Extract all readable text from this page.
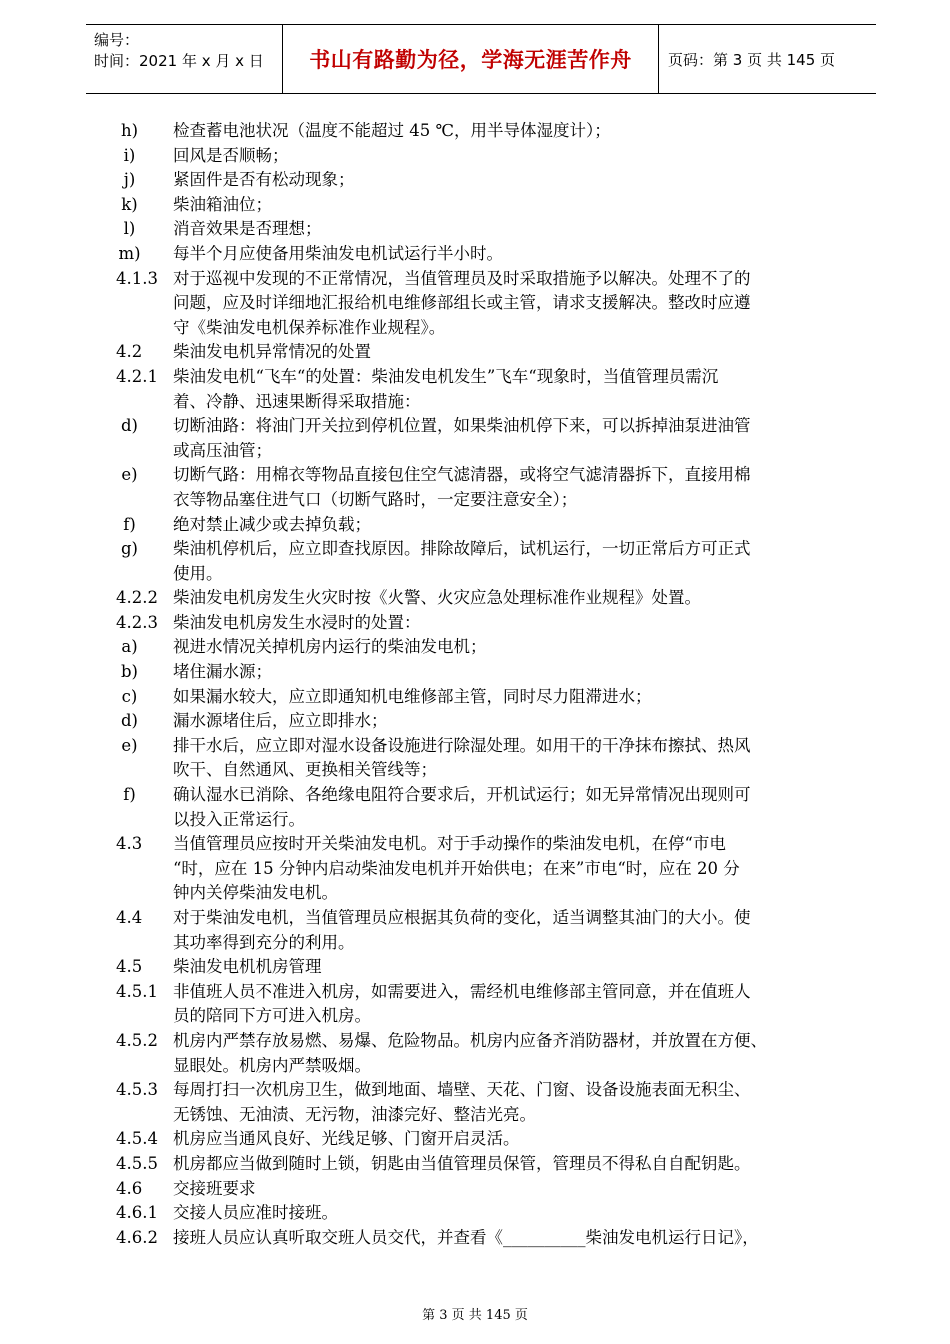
编号：
时间：2021 年 x 月 x 日	书山有路勤为径，学海无涯苦作舟	页码：第 3 页 共 145 页
h)	检查蓄电池状况（温度不能超过 45 ℃，用半导体湿度计）；
i)	回风是否顺畅；
j)	紧固件是否有松动现象；
k)	柴油箱油位；
l)	消音效果是否理想；
m)	每半个月应使备用柴油发电机试运行半小时。
4.1.3 对于巡视中发现的不正常情况，当值管理员及时采取措施予以解决。处理不了的
问题，应及时详细地汇报给机电维修部组长或主管，请求支援解决。整改时应遵
守《柴油发电机保养标准作业规程》。
4.2	柴油发电机异常情况的处置
4.2.1 柴油发电机“飞车“的处置：柴油发电机发生”飞车“现象时，当值管理员需沉
着、冷静、迅速果断得采取措施：
d)	切断油路：将油门开关拉到停机位置，如果柴油机停下来，可以拆掉油泵进油管
或高压油管；
e)	切断气路：用棉衣等物品直接包住空气滤清器，或将空气滤清器拆下，直接用棉
衣等物品塞住进气口（切断气路时，一定要注意安全）；
f)	绝对禁止减少或去掉负载；
g)	柴油机停机后，应立即查找原因。排除故障后，试机运行，一切正常后方可正式
使用。
4.2.2 柴油发电机房发生火灾时按《火警、火灾应急处理标准作业规程》处置。
4.2.3 柴油发电机房发生水浸时的处置：
a)	视进水情况关掉机房内运行的柴油发电机；
b)	堵住漏水源；
c)	如果漏水较大，应立即通知机电维修部主管，同时尽力阻滞进水；
d)	漏水源堵住后，应立即排水；
e)	排干水后，应立即对湿水设备设施进行除湿处理。如用干的干净抹布擦拭、热风
吹干、自然通风、更换相关管线等；
f)	确认湿水已消除、各绝缘电阻符合要求后，开机试运行；如无异常情况出现则可
以投入正常运行。
4.3	当值管理员应按时开关柴油发电机。对于手动操作的柴油发电机，在停“市电
“时，应在 15 分钟内启动柴油发电机并开始供电；在来”市电“时，应在 20 分
钟内关停柴油发电机。
4.4	对于柴油发电机，当值管理员应根据其负荷的变化，适当调整其油门的大小。使
其功率得到充分的利用。
4.5	柴油发电机机房管理
4.5.1 非值班人员不准进入机房，如需要进入，需经机电维修部主管同意，并在值班人
员的陪同下方可进入机房。
4.5.2 机房内严禁存放易燃、易爆、危险物品。机房内应备齐消防器材，并放置在方便、
显眼处。机房内严禁吸烟。
4.5.3 每周打扫一次机房卫生，做到地面、墙壁、天花、门窗、设备设施表面无积尘、
无锈蚀、无油渍、无污物，油漆完好、整洁光亮。
4.5.4 机房应当通风良好、光线足够、门窗开启灵活。
4.5.5 机房都应当做到随时上锁，钥匙由当值管理员保管，管理员不得私自自配钥匙。
4.6	交接班要求
4.6.1 交接人员应准时接班。
4.6.2 接班人员应认真听取交班人员交代，并查看《__________柴油发电机运行日记》，
第 3 页 共 145 页
